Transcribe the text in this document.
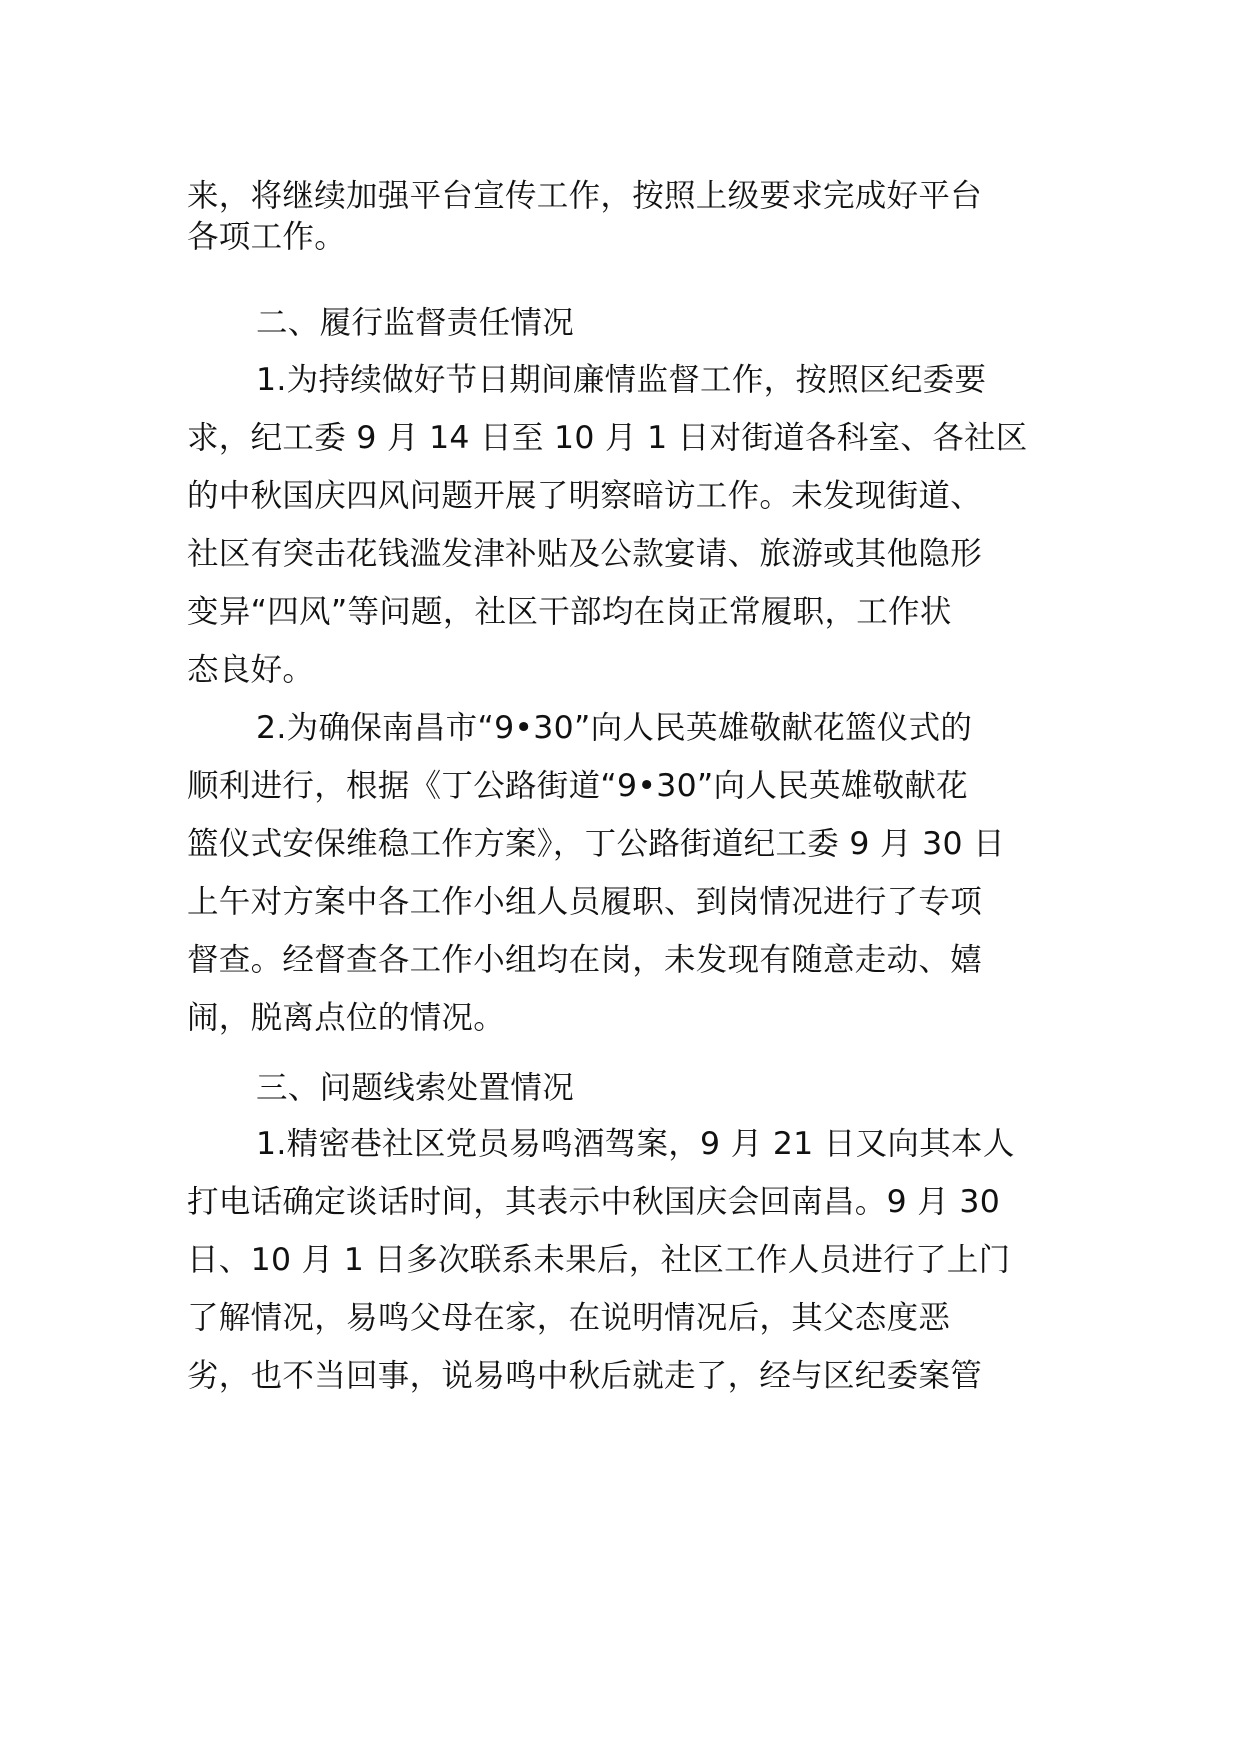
来，将继续加强平台宣传工作，按照上级要求完成好平台
各项工作。
二、履行监督责任情况
1.为持续做好节日期间廉情监督工作，按照区纪委要
求，纪工委 9 月 14 日至 10 月 1 日对街道各科室、各社区
的中秋国庆四风问题开展了明察暗访工作。未发现街道、
社区有突击花钱滥发津补贴及公款宴请、旅游或其他隐形
变异“四风”等问题，社区干部均在岗正常履职，工作状
态良好。
2.为确保南昌市“9•30”向人民英雄敬献花篮仪式的
顺利进行，根据《丁公路街道“9•30”向人民英雄敬献花
篮仪式安保维稳工作方案》，丁公路街道纪工委 9 月 30 日
上午对方案中各工作小组人员履职、到岗情况进行了专项
督查。经督查各工作小组均在岗，未发现有随意走动、嬉
闹，脱离点位的情况。
三、问题线索处置情况
1.精密巷社区党员易鸣酒驾案，9 月 21 日又向其本人
打电话确定谈话时间，其表示中秋国庆会回南昌。9 月 30
日、10 月 1 日多次联系未果后，社区工作人员进行了上门
了解情况，易鸣父母在家，在说明情况后，其父态度恶
劣，也不当回事，说易鸣中秋后就走了，经与区纪委案管
